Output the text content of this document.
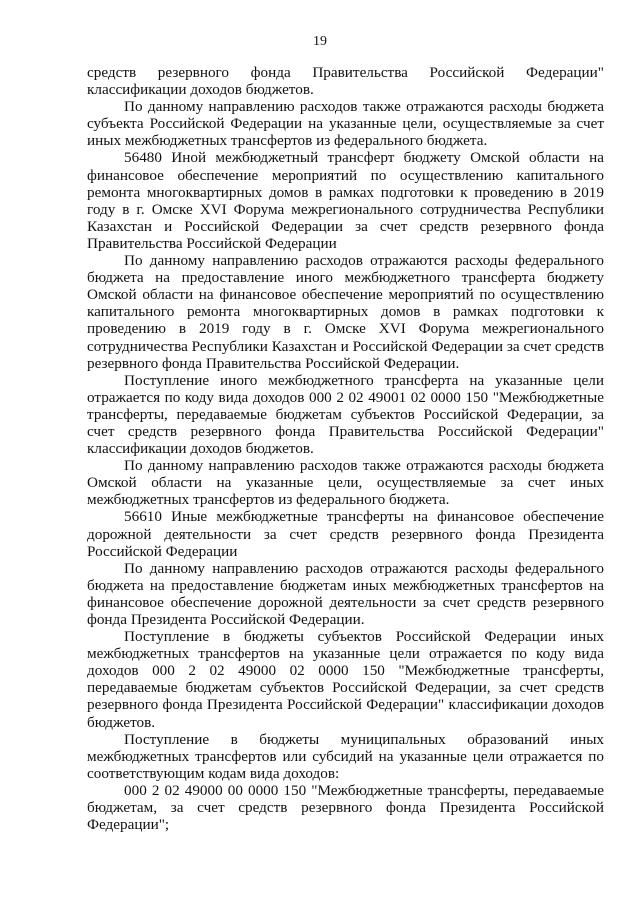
19

средств резервного фонда Правительства Российской Федерации" классификации доходов бюджетов.

По данному направлению расходов также отражаются расходы бюджета субъекта Российской Федерации на указанные цели, осуществляемые за счет иных межбюджетных трансфертов из федерального бюджета.

56480 Иной межбюджетный трансферт бюджету Омской области на финансовое обеспечение мероприятий по осуществлению капитального ремонта многоквартирных домов в рамках подготовки к проведению в 2019 году в г. Омске XVI Форума межрегионального сотрудничества Республики Казахстан и Российской Федерации за счет средств резервного фонда Правительства Российской Федерации

По данному направлению расходов отражаются расходы федерального бюджета на предоставление иного межбюджетного трансферта бюджету Омской области на финансовое обеспечение мероприятий по осуществлению капитального ремонта многоквартирных домов в рамках подготовки к проведению в 2019 году в г. Омске XVI Форума межрегионального сотрудничества Республики Казахстан и Российской Федерации за счет средств резервного фонда Правительства Российской Федерации.

Поступление иного межбюджетного трансферта на указанные цели отражается по коду вида доходов 000 2 02 49001 02 0000 150 "Межбюджетные трансферты, передаваемые бюджетам субъектов Российской Федерации, за счет средств резервного фонда Правительства Российской Федерации" классификации доходов бюджетов.

По данному направлению расходов также отражаются расходы бюджета Омской области на указанные цели, осуществляемые за счет иных межбюджетных трансфертов из федерального бюджета.

56610 Иные межбюджетные трансферты на финансовое обеспечение дорожной деятельности за счет средств резервного фонда Президента Российской Федерации

По данному направлению расходов отражаются расходы федерального бюджета на предоставление бюджетам иных межбюджетных трансфертов на финансовое обеспечение дорожной деятельности за счет средств резервного фонда Президента Российской Федерации.

Поступление в бюджеты субъектов Российской Федерации иных межбюджетных трансфертов на указанные цели отражается по коду вида доходов 000 2 02 49000 02 0000 150 "Межбюджетные трансферты, передаваемые бюджетам субъектов Российской Федерации, за счет средств резервного фонда Президента Российской Федерации" классификации доходов бюджетов.

Поступление в бюджеты муниципальных образований иных межбюджетных трансфертов или субсидий на указанные цели отражается по соответствующим кодам вида доходов:

000 2 02 49000 00 0000 150 "Межбюджетные трансферты, передаваемые бюджетам, за счет средств резервного фонда Президента Российской Федерации";
